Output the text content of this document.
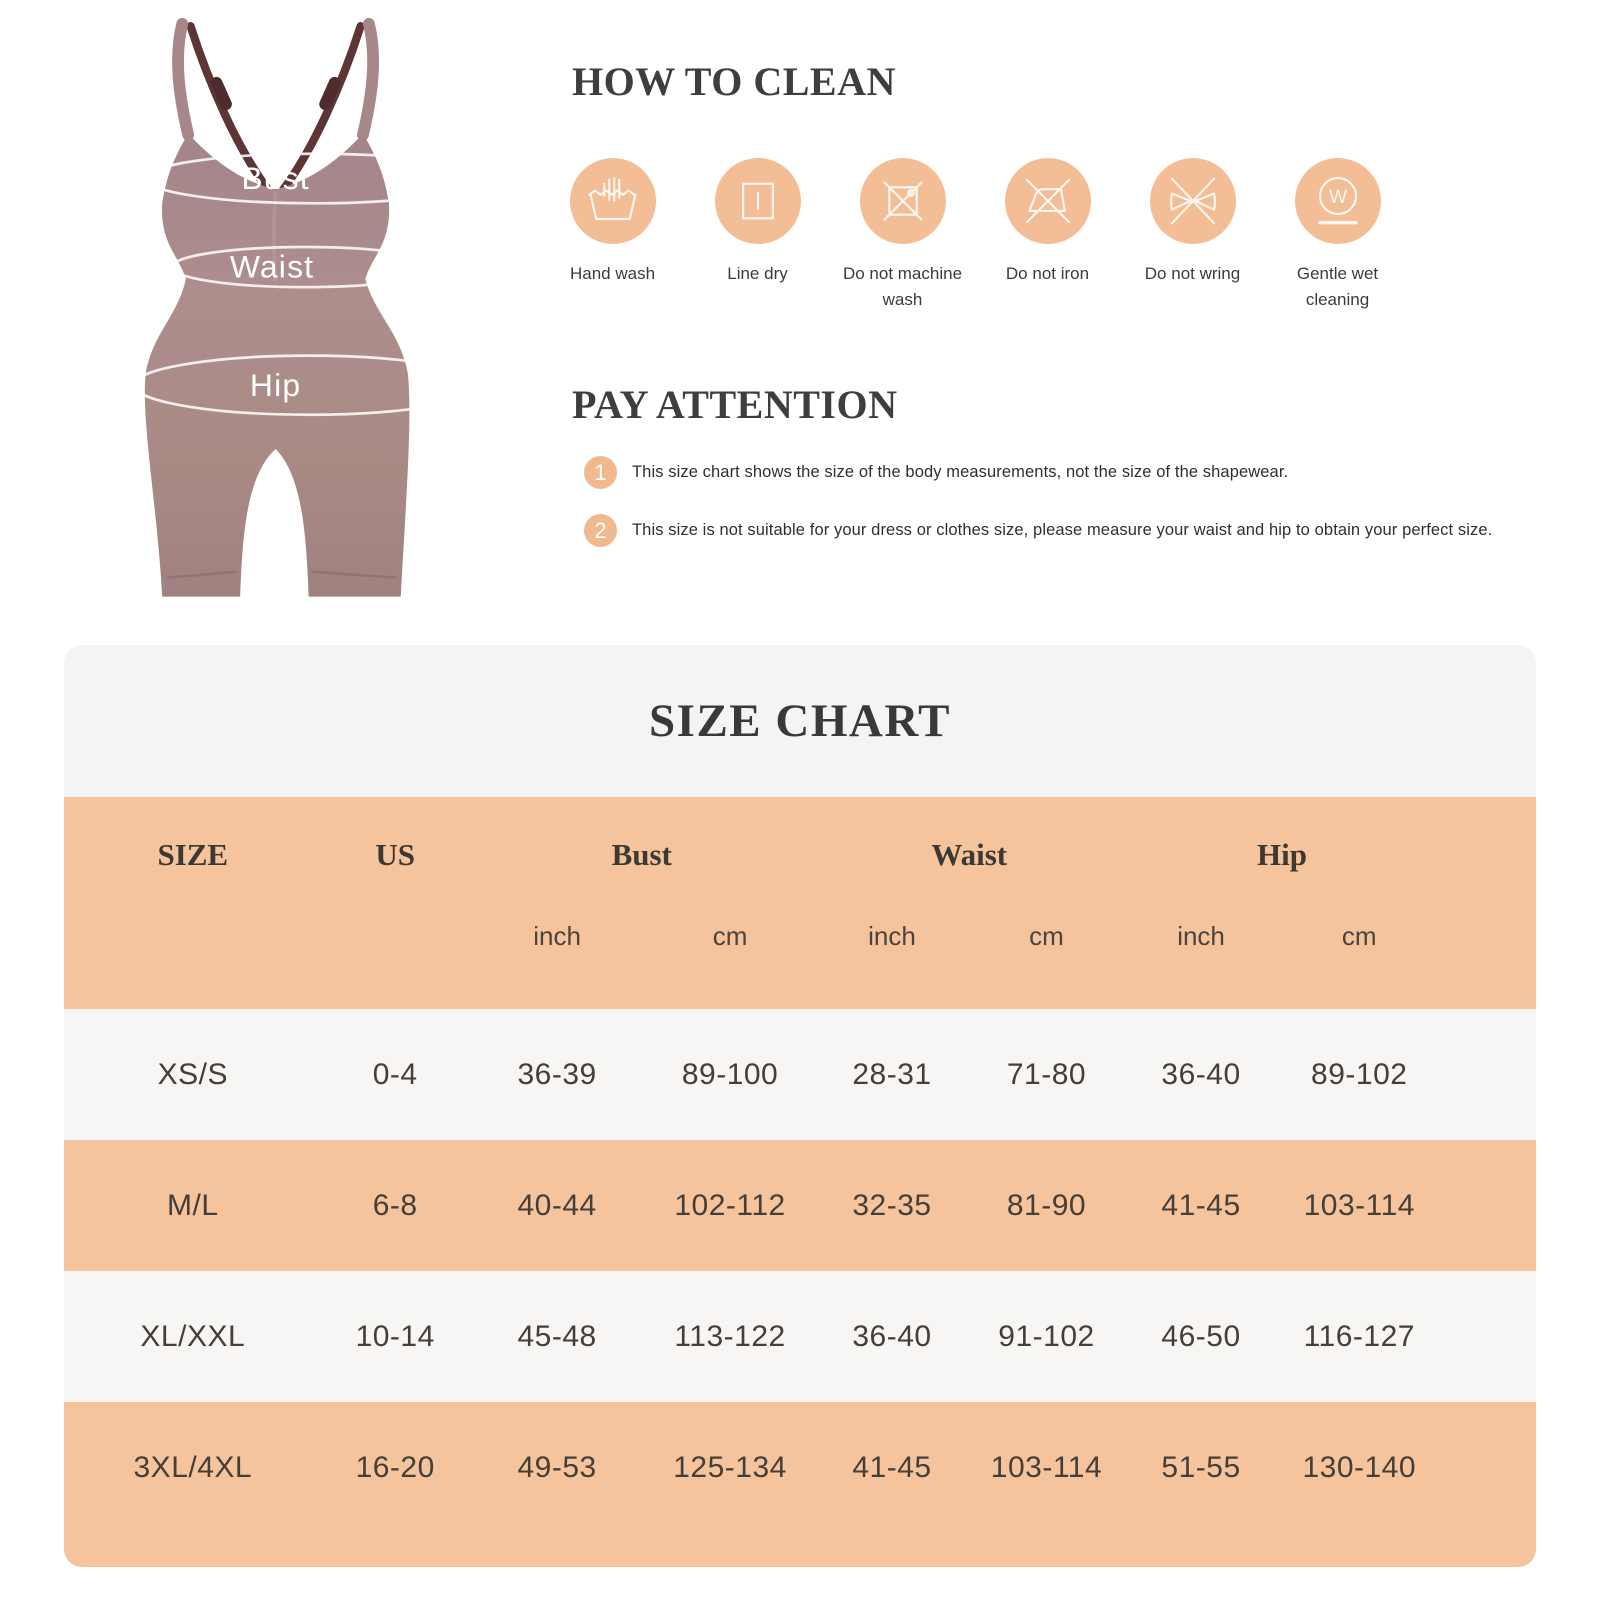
Bust
Waist
Hip
HOW TO CLEAN
Hand wash	Line dry	Do not machine wash
Do not iron	Do not wring
W
Gentle wet cleaning
PAY ATTENTION
1	This size chart shows the size of the body measurements, not the size of the shapewear.
2	This size is not suitable for your dress or clothes size, please measure your waist and hip to obtain your perfect size.
SIZE CHART
SIZE	US	Bust	Waist	Hip
inch	cm	inch	cm	inch	cm
XS/S	0-4	36-39	89-100	28-31	71-80	36-40	89-102
M/L	6-8	40-44	102-112	32-35	81-90	41-45	103-114
XL/XXL	10-14	45-48	113-122	36-40	91-102	46-50	116-127
3XL/4XL	16-20	49-53	125-134	41-45	103-114	51-55	130-140
